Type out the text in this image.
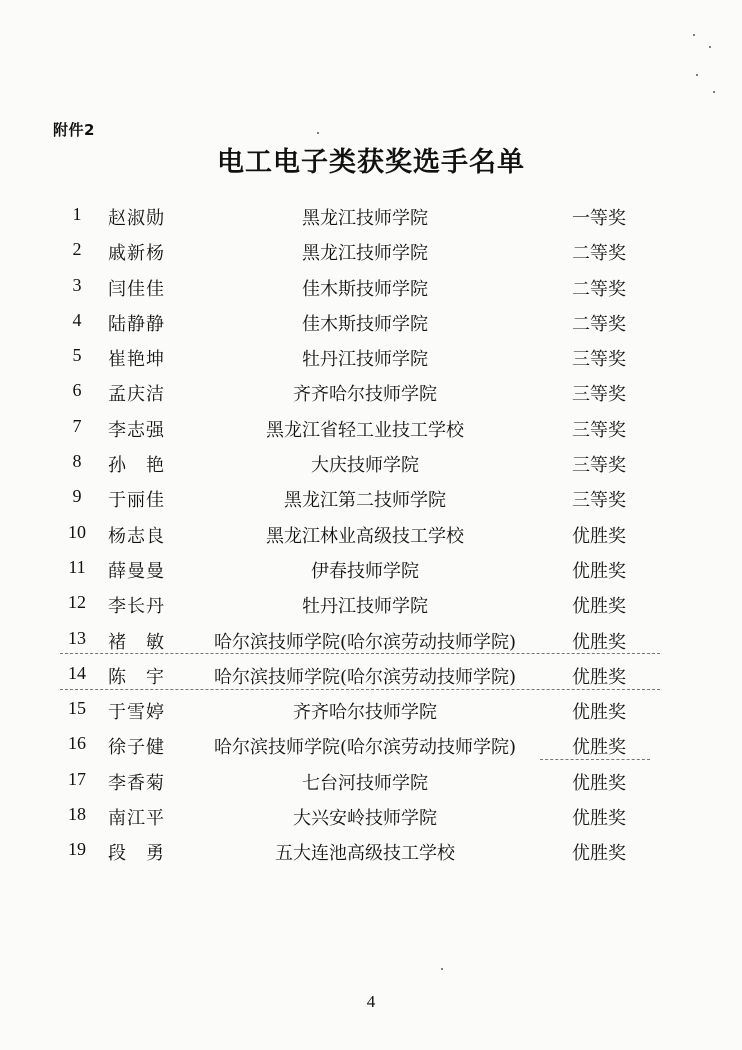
附件2
电工电子类获奖选手名单
1	赵淑勋	黑龙江技师学院	一等奖
2	戚新杨	黑龙江技师学院	二等奖
3	闫佳佳	佳木斯技师学院	二等奖
4	陆静静	佳木斯技师学院	二等奖
5	崔艳坤	牡丹江技师学院	三等奖
6	孟庆洁	齐齐哈尔技师学院	三等奖
7	李志强	黑龙江省轻工业技工学校	三等奖
8	孙　艳	大庆技师学院	三等奖
9	于丽佳	黑龙江第二技师学院	三等奖
10	杨志良	黑龙江林业高级技工学校	优胜奖
11	薛曼曼	伊春技师学院	优胜奖
12	李长丹	牡丹江技师学院	优胜奖
13	褚　敏	哈尔滨技师学院(哈尔滨劳动技师学院)	优胜奖
14	陈　宇	哈尔滨技师学院(哈尔滨劳动技师学院)	优胜奖
15	于雪婷	齐齐哈尔技师学院	优胜奖
16	徐子健	哈尔滨技师学院(哈尔滨劳动技师学院)	优胜奖
17	李香菊	七台河技师学院	优胜奖
18	南江平	大兴安岭技师学院	优胜奖
19	段　勇	五大连池高级技工学校	优胜奖
4
